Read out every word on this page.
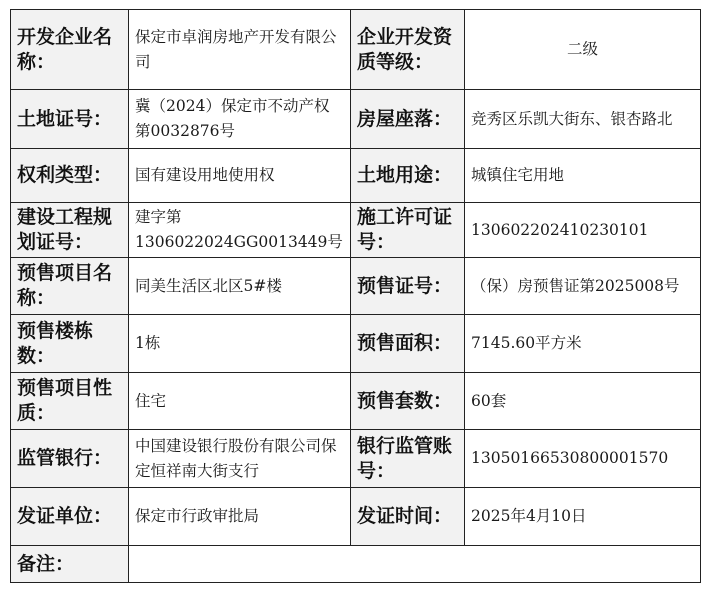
开发企业名称：	保定市卓润房地产开发有限公司	企业开发资质等级：	二级
土地证号：	冀（2024）保定市不动产权第0032876号	房屋座落：	竞秀区乐凯大街东、银杏路北
权利类型：	国有建设用地使用权	土地用途：	城镇住宅用地
建设工程规划证号：	建字第1306022024GG0013449号	施工许可证号：	130602202410230101
预售项目名称：	同美生活区北区5#楼	预售证号：	（保）房预售证第2025008号
预售楼栋数：	1栋	预售面积：	7145.60平方米
预售项目性质：	住宅	预售套数：	60套
监管银行：	中国建设银行股份有限公司保定恒祥南大街支行	银行监管账号：	13050166530800001570
发证单位：	保定市行政审批局	发证时间：	2025年4月10日
备注：			
